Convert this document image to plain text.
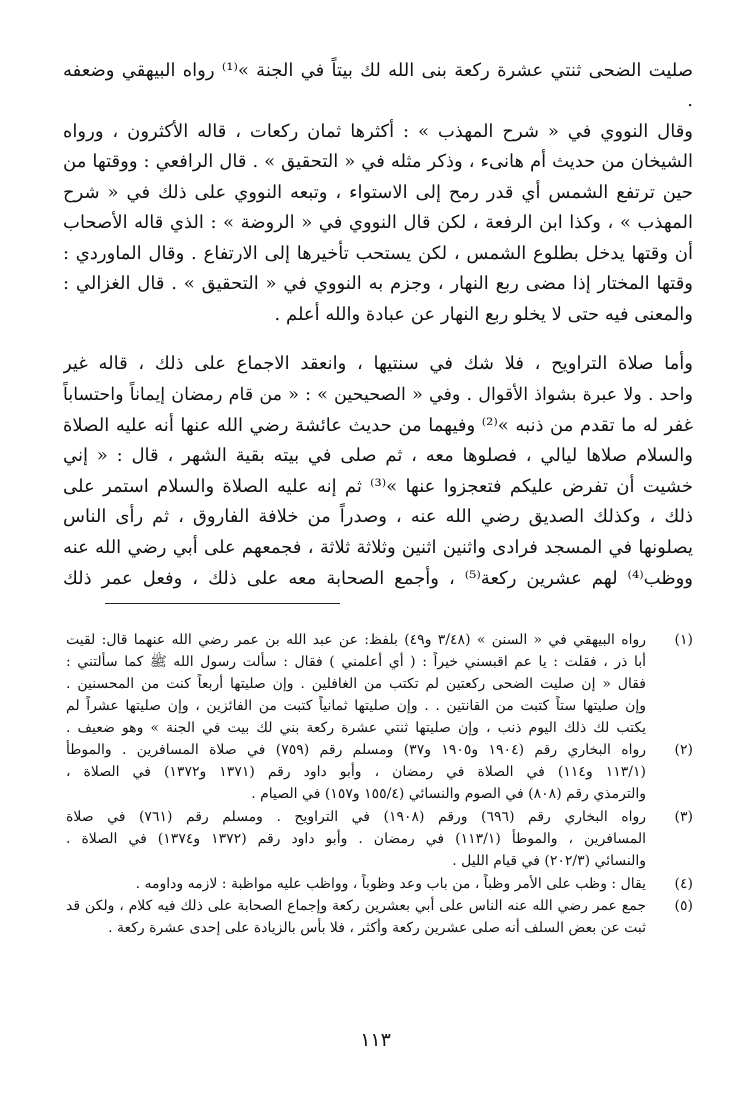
صليت الضحى ثنتي عشرة ركعة بنى الله لك بيتاً في الجنة »⁽¹⁾ رواه البيهقي وضعفه
.
وقال النووي في « شرح المهذب » : أكثرها ثمان ركعات ، قاله الأكثرون ، ورواه
الشيخان من حديث أم هانىء ، وذكر مثله في « التحقيق » . قال الرافعي : ووقتها من
حين ترتفع الشمس أي قدر رمح إلى الاستواء ، وتبعه النووي على ذلك في « شرح
المهذب » ، وكذا ابن الرفعة ، لكن قال النووي في « الروضة » : الذي قاله الأصحاب
أن وقتها يدخل بطلوع الشمس ، لكن يستحب تأخيرها إلى الارتفاع . وقال الماوردي :
وقتها المختار إذا مضى ربع النهار ، وجزم به النووي في « التحقيق » . قال الغزالي :
والمعنى فيه حتى لا يخلو ربع النهار عن عبادة والله أعلم .
وأما صلاة التراويح ، فلا شك في سنتيها ، وانعقد الاجماع على ذلك ، قاله غير
واحد . ولا عبرة بشواذ الأقوال . وفي « الصحيحين » : « من قام رمضان إيماناً واحتساباً
غفر له ما تقدم من ذنبه »⁽²⁾ وفيهما من حديث عائشة رضي الله عنها أنه عليه الصلاة
والسلام صلاها ليالي ، فصلوها معه ، ثم صلى في بيته بقية الشهر ، قال : « إني
خشيت أن تفرض عليكم فتعجزوا عنها »⁽³⁾ ثم إنه عليه الصلاة والسلام استمر على
ذلك ، وكذلك الصديق رضي الله عنه ، وصدراً من خلافة الفاروق ، ثم رأى الناس
يصلونها في المسجد فرادى واثنين اثنين وثلاثة ثلاثة ، فجمعهم على أبي رضي الله عنه
ووظب⁽⁴⁾ لهم عشرين ركعة⁽⁵⁾ ، وأجمع الصحابة معه على ذلك ، وفعل عمر ذلك
(١)
رواه البيهقي في « السنن » (٣/٤٨ و٤٩) بلفظ: عن عبد الله بن عمر رضي الله عنهما قال: لقيت
أبا ذر ، فقلت : يا عم اقبسني خيراً : ( أي أعلمني ) فقال : سألت رسول الله ﷺ كما سألتني :
فقال « إن صليت الضحى ركعتين لم تكتب من الغافلين . وإن صليتها أربعاً كنت من المحسنين .
وإن صليتها ستاً كتبت من القانتين . . وإن صليتها ثمانياً كتبت من الفائزين ، وإن صليتها عشراً لم
يكتب لك ذلك اليوم ذنب ، وإن صليتها ثنتي عشرة ركعة بني لك بيت في الجنة » وهو ضعيف .
(٢)
رواه البخاري رقم (١٩٠٤ و١٩٠٥ و٣٧) ومسلم رقم (٧٥٩) في صلاة المسافرين . والموطأ
(١١٣/١ و١١٤) في الصلاة في رمضان ، وأبو داود رقم (١٣٧١ و١٣٧٢) في الصلاة ،
والترمذي رقم (٨٠٨) في الصوم والنسائي (١٥٥/٤ و١٥٧) في الصيام .
(٣)
رواه البخاري رقم (٦٩٦) ورقم (١٩٠٨) في التراويح . ومسلم رقم (٧٦١) في صلاة
المسافرين ، والموطأ (١١٣/١) في رمضان . وأبو داود رقم (١٣٧٢ و١٣٧٤) في الصلاة .
والنسائي (٢٠٢/٣) في قيام الليل .
(٤)
يقال : وظب على الأمر وظباً ، من باب وعد وظوباً ، وواظب عليه مواظبة : لازمه وداومه .
(٥)
جمع عمر رضي الله عنه الناس على أبي بعشرين ركعة وإجماع الصحابة على ذلك فيه كلام ، ولكن قد
ثبت عن بعض السلف أنه صلى عشرين ركعة وأكثر ، فلا بأس بالزيادة على إحدى عشرة ركعة .
١١٣
